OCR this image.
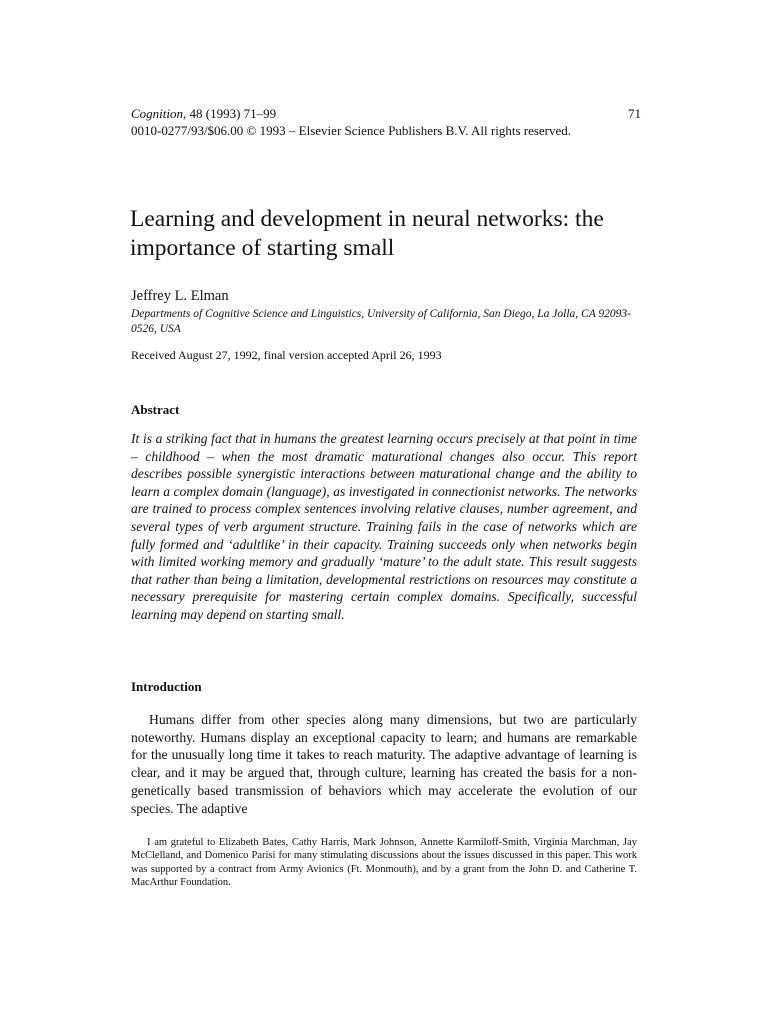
Cognition, 48 (1993) 71–99	71
0010-0277/93/$06.00 © 1993 – Elsevier Science Publishers B.V. All rights reserved.
Learning and development in neural networks: the importance of starting small
Jeffrey L. Elman
Departments of Cognitive Science and Linguistics, University of California, San Diego, La Jolla, CA 92093-0526, USA
Received August 27, 1992, final version accepted April 26, 1993
Abstract
It is a striking fact that in humans the greatest learning occurs precisely at that point in time – childhood – when the most dramatic maturational changes also occur. This report describes possible synergistic interactions between maturational change and the ability to learn a complex domain (language), as investigated in connectionist networks. The networks are trained to process complex sentences involving relative clauses, number agreement, and several types of verb argument structure. Training fails in the case of networks which are fully formed and ‘adultlike’ in their capacity. Training succeeds only when networks begin with limited working memory and gradually ‘mature’ to the adult state. This result suggests that rather than being a limitation, developmental restrictions on resources may constitute a necessary prerequisite for mastering certain complex domains. Specifically, successful learning may depend on starting small.
Introduction
Humans differ from other species along many dimensions, but two are particularly noteworthy. Humans display an exceptional capacity to learn; and humans are remarkable for the unusually long time it takes to reach maturity. The adaptive advantage of learning is clear, and it may be argued that, through culture, learning has created the basis for a non-genetically based transmission of behaviors which may accelerate the evolution of our species. The adaptive
I am grateful to Elizabeth Bates, Cathy Harris, Mark Johnson, Annette Karmiloff-Smith, Virginia Marchman, Jay McClelland, and Domenico Parisi for many stimulating discussions about the issues discussed in this paper. This work was supported by a contract from Army Avionics (Ft. Monmouth), and by a grant from the John D. and Catherine T. MacArthur Foundation.
